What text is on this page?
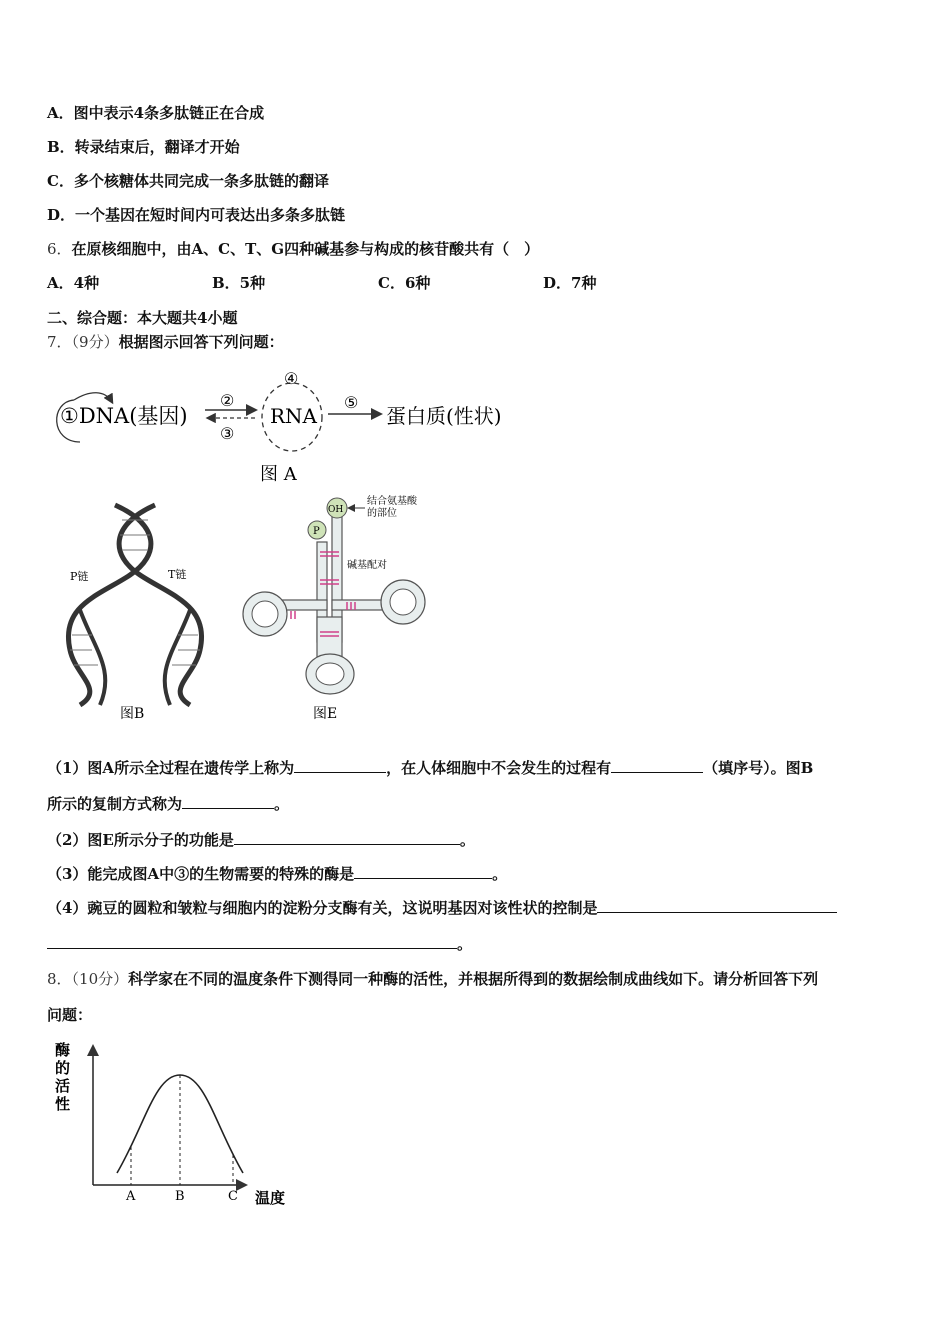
A．图中表示4条多肽链正在合成
B．转录结束后，翻译才开始
C．多个核糖体共同完成一条多肽链的翻译
D．一个基因在短时间内可表达出多条多肽链
6．在原核细胞中，由A、C、T、G四种碱基参与构成的核苷酸共有（　）
A．4种	B．5种	C．6种	D．7种
二、综合题：本大题共4小题
7．（9分）根据图示回答下列问题：
①DNA(基因)
②
③
④
RNA
⑤
蛋白质(性状)
图 A
P链	T链
图B
P
OH
结合氨基酸
的部位
碱基配对
图E
（1）图A所示全过程在遗传学上称为	，在人体细胞中不会发生的过程有	（填序号）。图B
所示的复制方式称为	。
（2）图E所示分子的功能是	。
（3）能完成图A中③的生物需要的特殊的酶是	。
（4）豌豆的圆粒和皱粒与细胞内的淀粉分支酶有关，这说明基因对该性状的控制是
。
8．（10分）科学家在不同的温度条件下测得同一种酶的活性，并根据所得到的数据绘制成曲线如下。请分析回答下列
问题：
酶
的
活
性
温度
A	B	C
